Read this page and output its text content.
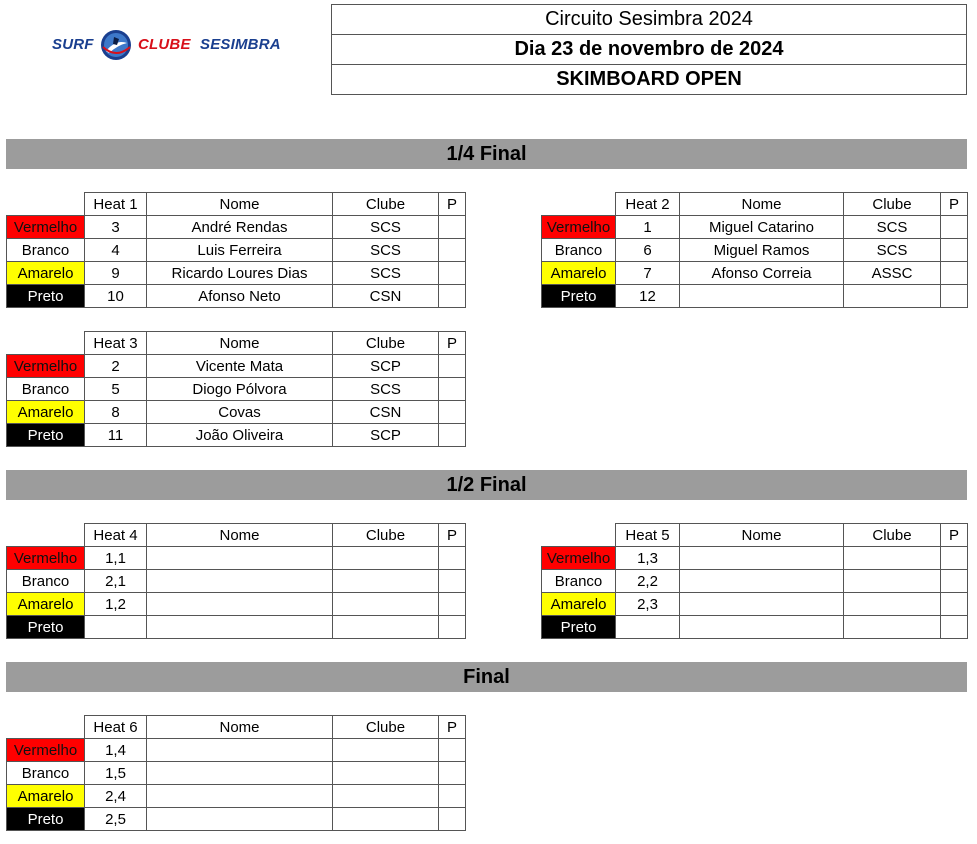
SURF	CLUBE SESIMBRA
Circuito Sesimbra 2024
Dia 23 de novembro de 2024
SKIMBOARD OPEN
1/4 Final
1/2 Final
Final
	Heat 1	Nome	Clube	P
Vermelho	3	André Rendas	SCS	
Branco	4	Luis Ferreira	SCS	
Amarelo	9	Ricardo Loures Dias	SCS	
Preto	10	Afonso Neto	CSN	
	Heat 2	Nome	Clube	P
Vermelho	1	Miguel Catarino	SCS	
Branco	6	Miguel Ramos	SCS	
Amarelo	7	Afonso Correia	ASSC	
Preto	12			
	Heat 3	Nome	Clube	P
Vermelho	2	Vicente Mata	SCP	
Branco	5	Diogo Pólvora	SCS	
Amarelo	8	Covas	CSN	
Preto	11	João Oliveira	SCP	
	Heat 4	Nome	Clube	P
Vermelho	1,1			
Branco	2,1			
Amarelo	1,2			
Preto				
	Heat 5	Nome	Clube	P
Vermelho	1,3			
Branco	2,2			
Amarelo	2,3			
Preto				
	Heat 6	Nome	Clube	P
Vermelho	1,4			
Branco	1,5			
Amarelo	2,4			
Preto	2,5			
